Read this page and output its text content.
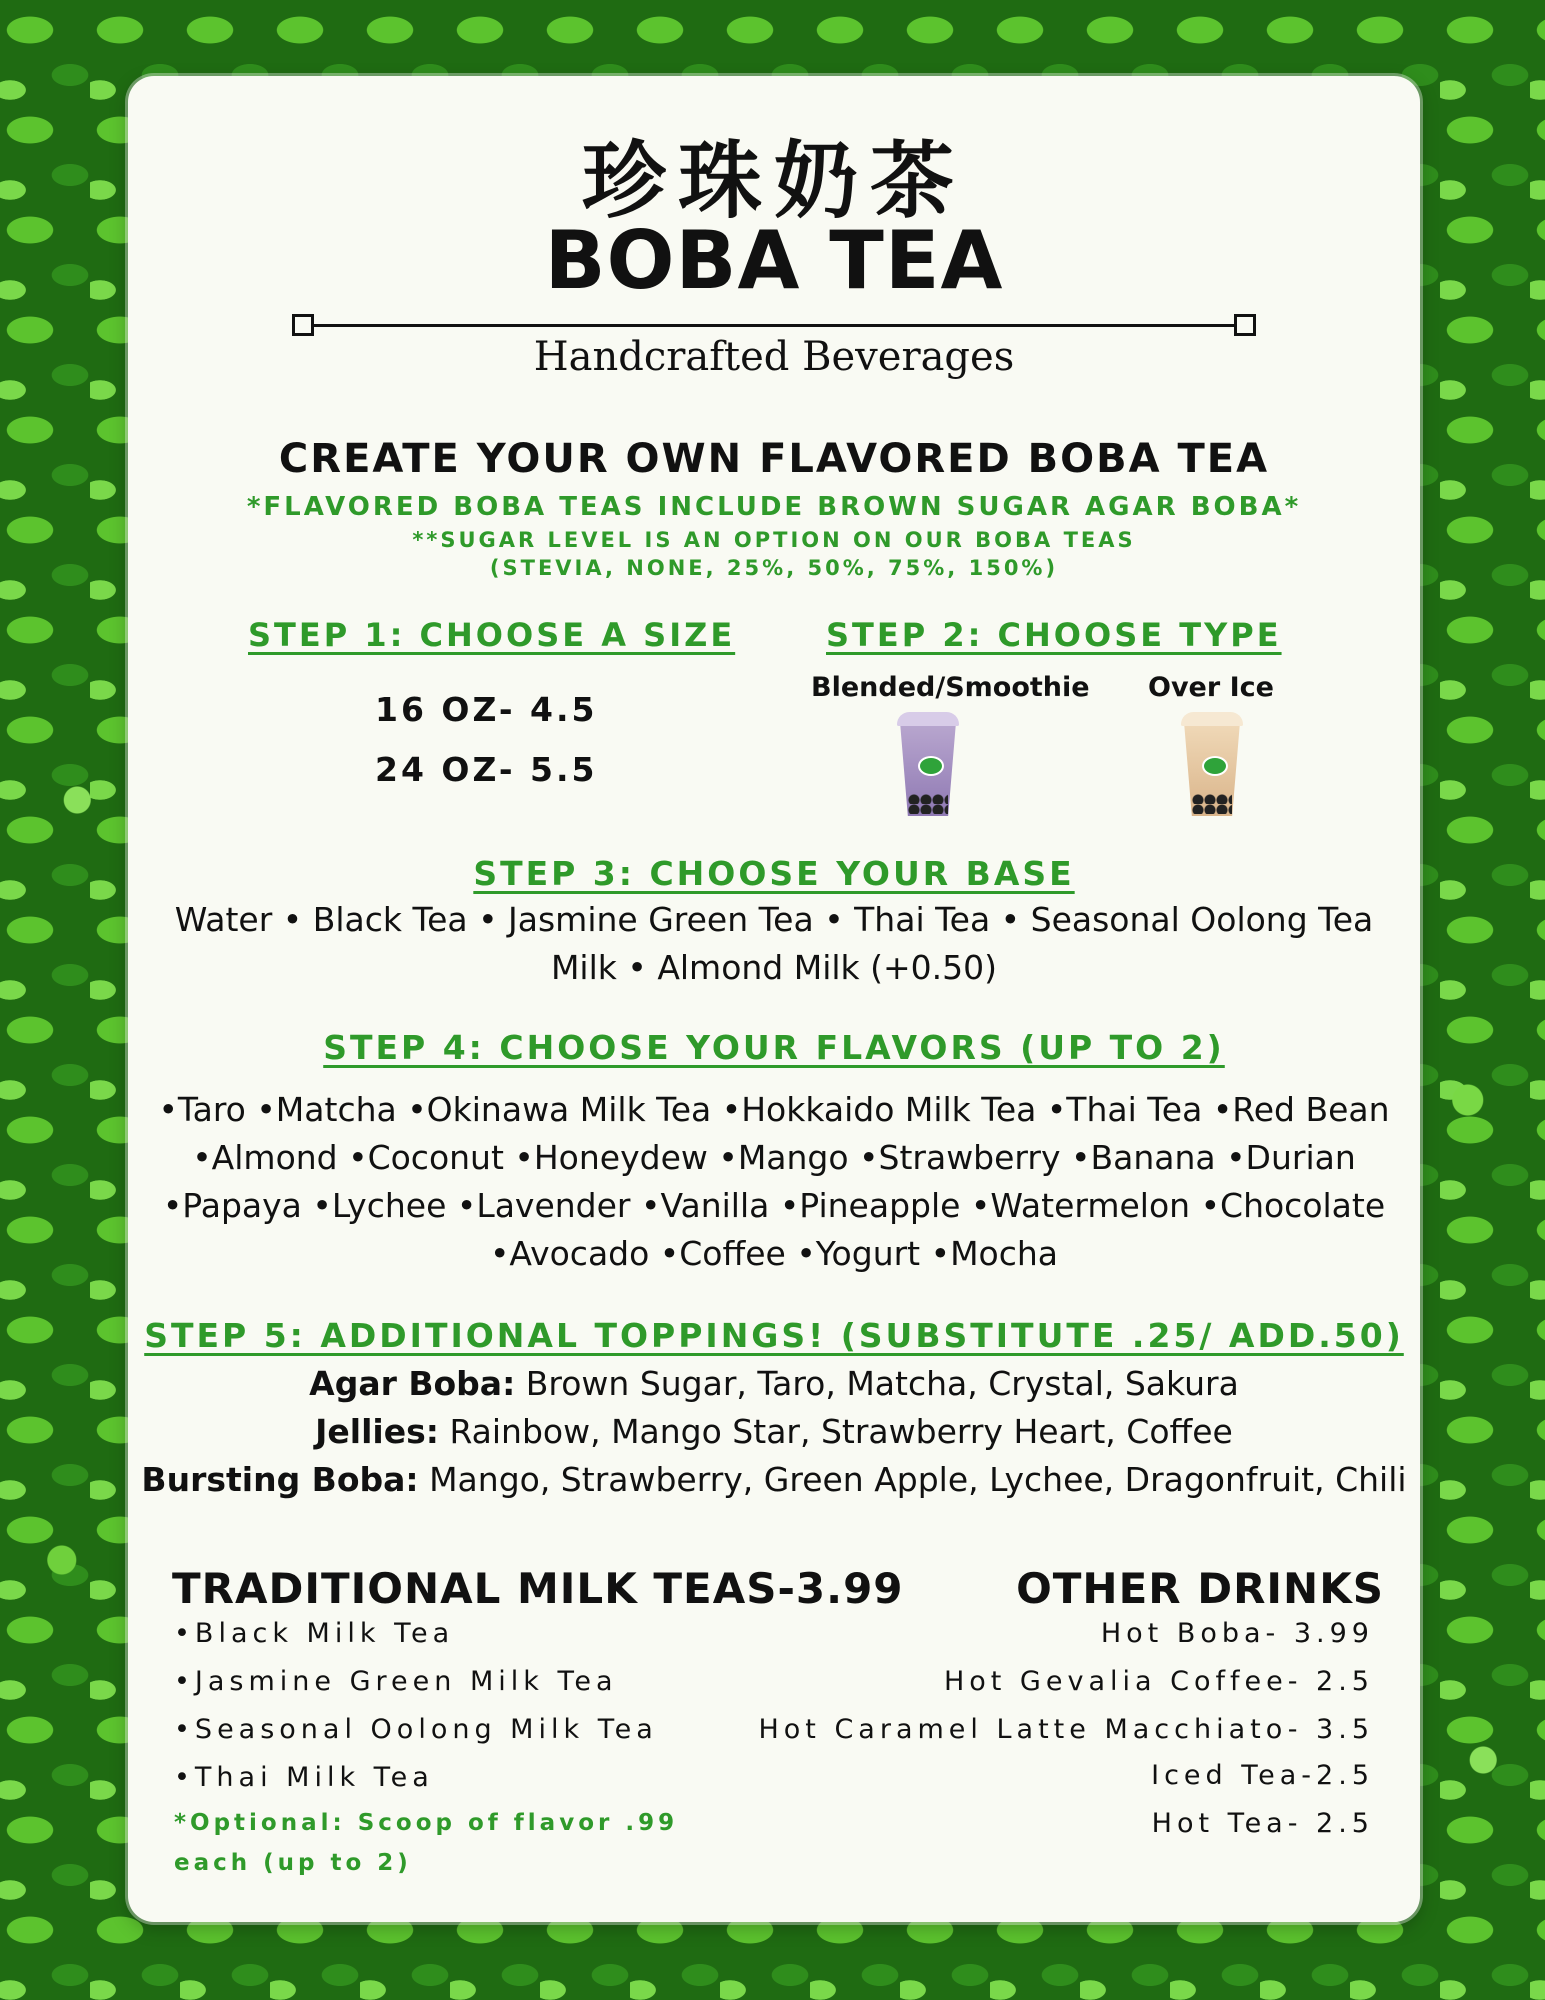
珍珠奶茶
BOBA TEA
Handcrafted Beverages
CREATE YOUR OWN FLAVORED BOBA TEA
*FLAVORED BOBA TEAS INCLUDE BROWN SUGAR AGAR BOBA*
**SUGAR LEVEL IS AN OPTION ON OUR BOBA TEAS
(STEVIA, NONE, 25%, 50%, 75%, 150%)
STEP 1: CHOOSE A SIZE
16 OZ- 4.5
24 OZ- 5.5
STEP 2: CHOOSE TYPE
Blended/Smoothie Over Ice
STEP 3: CHOOSE YOUR BASE
Water • Black Tea • Jasmine Green Tea • Thai Tea • Seasonal Oolong Tea
Milk • Almond Milk (+0.50)
STEP 4: CHOOSE YOUR FLAVORS (UP TO 2)
•Taro •Matcha •Okinawa Milk Tea •Hokkaido Milk Tea •Thai Tea •Red Bean
•Almond •Coconut •Honeydew •Mango •Strawberry •Banana •Durian
•Papaya •Lychee •Lavender •Vanilla •Pineapple •Watermelon •Chocolate
•Avocado •Coffee •Yogurt •Mocha
STEP 5: ADDITIONAL TOPPINGS! (SUBSTITUTE .25/ ADD.50)
Agar Boba: Brown Sugar, Taro, Matcha, Crystal, Sakura
Jellies: Rainbow, Mango Star, Strawberry Heart, Coffee
Bursting Boba: Mango, Strawberry, Green Apple, Lychee, Dragonfruit, Chili
TRADITIONAL MILK TEAS-3.99
•Black Milk Tea
•Jasmine Green Milk Tea
•Seasonal Oolong Milk Tea
•Thai Milk Tea
*Optional: Scoop of flavor .99
each (up to 2)
OTHER DRINKS
Hot Boba- 3.99
Hot Gevalia Coffee- 2.5
Hot Caramel Latte Macchiato- 3.5
Iced Tea-2.5
Hot Tea- 2.5
